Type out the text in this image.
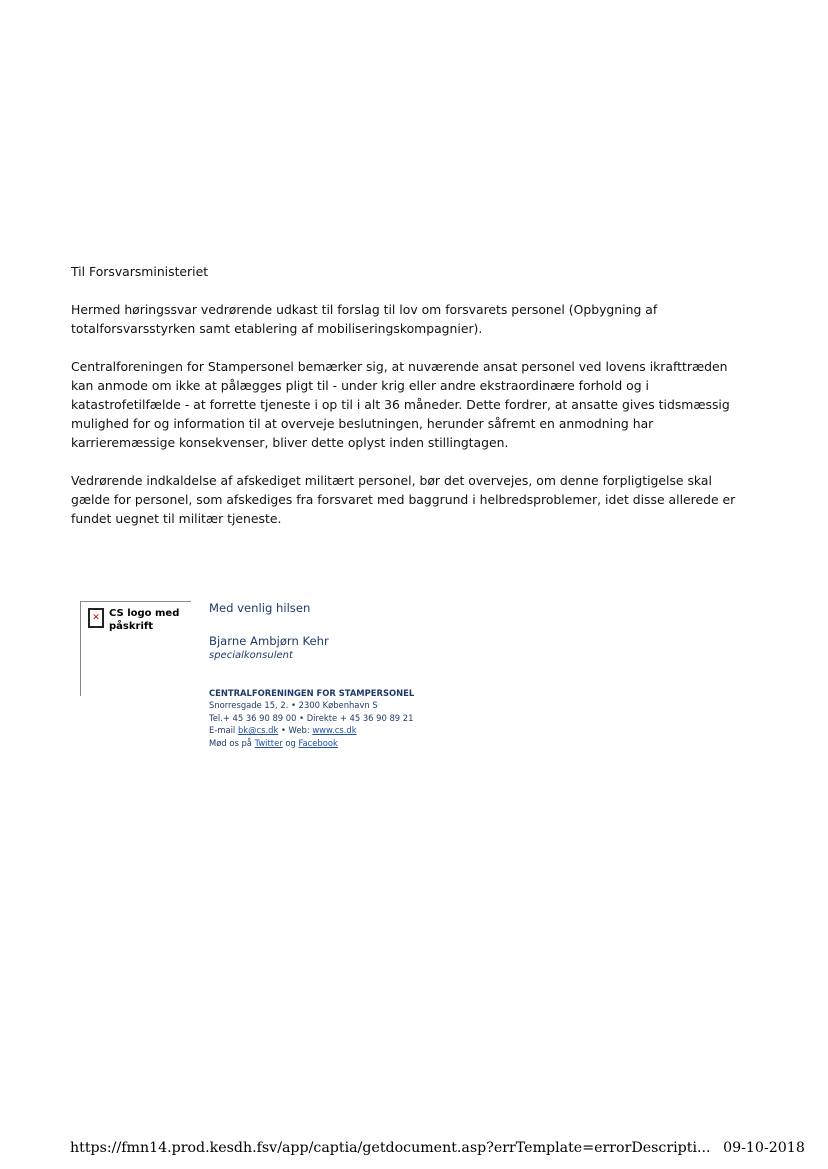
Til Forsvarsministeriet

Hermed høringssvar vedrørende udkast til forslag til lov om forsvarets personel (Opbygning af totalforsvarsstyrken samt etablering af mobiliseringskompagnier).

Centralforeningen for Stampersonel bemærker sig, at nuværende ansat personel ved lovens ikrafttræden kan anmode om ikke at pålægges pligt til - under krig eller andre ekstraordinære forhold og i katastrofetilfælde - at forrette tjeneste i op til i alt 36 måneder. Dette fordrer, at ansatte gives tidsmæssig mulighed for og information til at overveje beslutningen, herunder såfremt en anmodning har karrieremæssige konsekvenser, bliver dette oplyst inden stillingtagen.

Vedrørende indkaldelse af afskediget militært personel, bør det overvejes, om denne forpligtigelse skal gælde for personel, som afskediges fra forsvaret med baggrund i helbredsproblemer, idet disse allerede er fundet uegnet til militær tjeneste.

✕ CS logo med påskrift
Med venlig hilsen
Bjarne Ambjørn Kehr
specialkonsulent
CENTRALFORENINGEN FOR STAMPERSONEL
Snorresgade 15, 2. • 2300 København S
Tel.+ 45 36 90 89 00 • Direkte + 45 36 90 89 21
E-mail bk@cs.dk • Web: www.cs.dk
Mød os på Twitter og Facebook
https://fmn14.prod.kesdh.fsv/app/captia/getdocument.asp?errTemplate=errorDescripti... 09-10-2018
